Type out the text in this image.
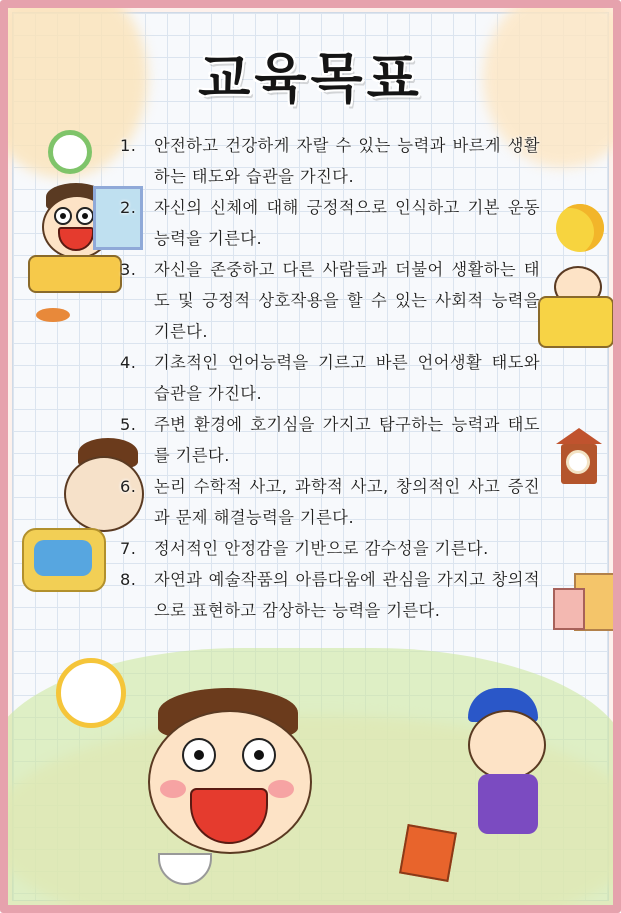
교육목표
1. 안전하고 건강하게 자랄 수 있는 능력과 바르게 생활하는 태도와 습관을 가진다.
2. 자신의 신체에 대해 긍정적으로 인식하고 기본 운동 능력을 기른다.
3. 자신을 존중하고 다른 사람들과 더불어 생활하는 태도 및 긍정적 상호작용을 할 수 있는 사회적 능력을 기른다.
4. 기초적인 언어능력을 기르고 바른 언어생활 태도와 습관을 가진다.
5. 주변 환경에 호기심을 가지고 탐구하는 능력과 태도를 기른다.
6. 논리 수학적 사고, 과학적 사고, 창의적인 사고 증진과 문제 해결능력을 기른다.
7. 정서적인 안정감을 기반으로 감수성을 기른다.
8. 자연과 예술작품의 아름다움에 관심을 가지고 창의적으로 표현하고 감상하는 능력을 기른다.
